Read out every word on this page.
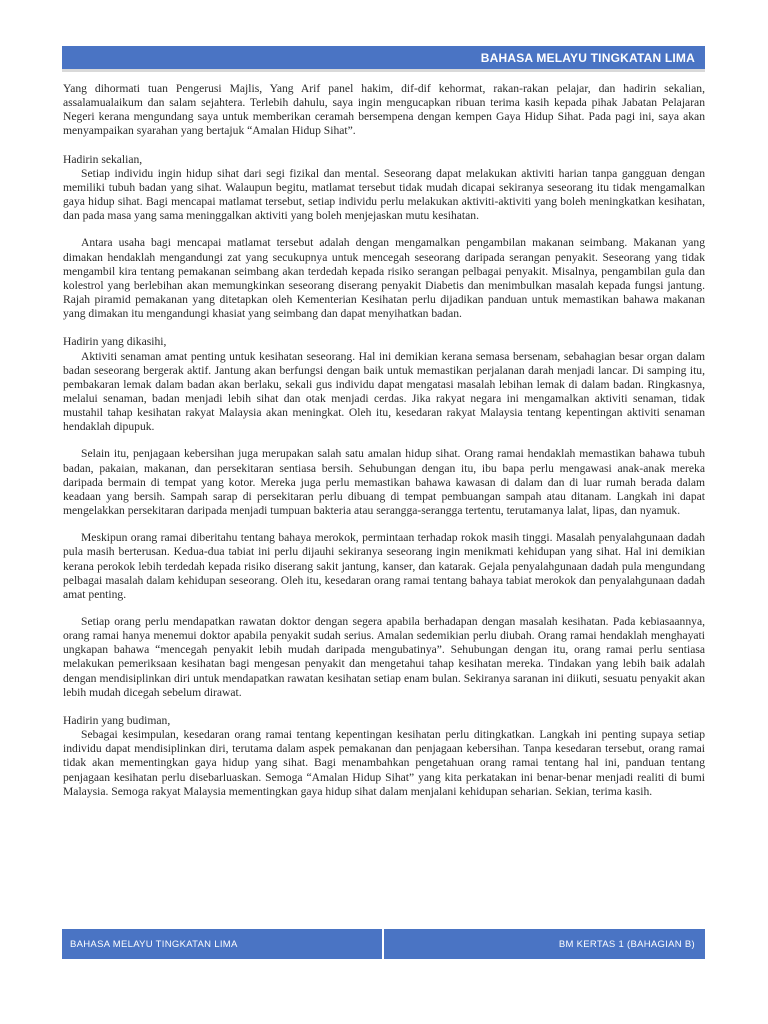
BAHASA MELAYU TINGKATAN LIMA

Yang dihormati tuan Pengerusi Majlis, Yang Arif panel hakim, dif-dif kehormat, rakan-rakan pelajar, dan hadirin sekalian, assalamualaikum dan salam sejahtera. Terlebih dahulu, saya ingin mengucapkan ribuan terima kasih kepada pihak Jabatan Pelajaran Negeri kerana mengundang saya untuk memberikan ceramah bersempena dengan kempen Gaya Hidup Sihat. Pada pagi ini, saya akan menyampaikan syarahan yang bertajuk “Amalan Hidup Sihat”.

Hadirin sekalian,

Setiap individu ingin hidup sihat dari segi fizikal dan mental. Seseorang dapat melakukan aktiviti harian tanpa gangguan dengan memiliki tubuh badan yang sihat. Walaupun begitu, matlamat tersebut tidak mudah dicapai sekiranya seseorang itu tidak mengamalkan gaya hidup sihat. Bagi mencapai matlamat tersebut, setiap individu perlu melakukan aktiviti-aktiviti yang boleh meningkatkan kesihatan, dan pada masa yang sama meninggalkan aktiviti yang boleh menjejaskan mutu kesihatan.

Antara usaha bagi mencapai matlamat tersebut adalah dengan mengamalkan pengambilan makanan seimbang. Makanan yang dimakan hendaklah mengandungi zat yang secukupnya untuk mencegah seseorang daripada serangan penyakit. Seseorang yang tidak mengambil kira tentang pemakanan seimbang akan terdedah kepada risiko serangan pelbagai penyakit. Misalnya, pengambilan gula dan kolestrol yang berlebihan akan memungkinkan seseorang diserang penyakit Diabetis dan menimbulkan masalah kepada fungsi jantung. Rajah piramid pemakanan yang ditetapkan oleh Kementerian Kesihatan perlu dijadikan panduan untuk memastikan bahawa makanan yang dimakan itu mengandungi khasiat yang seimbang dan dapat menyihatkan badan.

Hadirin yang dikasihi,

Aktiviti senaman amat penting untuk kesihatan seseorang. Hal ini demikian kerana semasa bersenam, sebahagian besar organ dalam badan seseorang bergerak aktif. Jantung akan berfungsi dengan baik untuk memastikan perjalanan darah menjadi lancar. Di samping itu, pembakaran lemak dalam badan akan berlaku, sekali gus individu dapat mengatasi masalah lebihan lemak di dalam badan. Ringkasnya, melalui senaman, badan menjadi lebih sihat dan otak menjadi cerdas. Jika rakyat negara ini mengamalkan aktiviti senaman, tidak mustahil tahap kesihatan rakyat Malaysia akan meningkat. Oleh itu, kesedaran rakyat Malaysia tentang kepentingan aktiviti senaman hendaklah dipupuk.

Selain itu, penjagaan kebersihan juga merupakan salah satu amalan hidup sihat. Orang ramai hendaklah memastikan bahawa tubuh badan, pakaian, makanan, dan persekitaran sentiasa bersih. Sehubungan dengan itu, ibu bapa perlu mengawasi anak-anak mereka daripada bermain di tempat yang kotor. Mereka juga perlu memastikan bahawa kawasan di dalam dan di luar rumah berada dalam keadaan yang bersih. Sampah sarap di persekitaran perlu dibuang di tempat pembuangan sampah atau ditanam. Langkah ini dapat mengelakkan persekitaran daripada menjadi tumpuan bakteria atau serangga-serangga tertentu, terutamanya lalat, lipas, dan nyamuk.

Meskipun orang ramai diberitahu tentang bahaya merokok, permintaan terhadap rokok masih tinggi. Masalah penyalahgunaan dadah pula masih berterusan. Kedua-dua tabiat ini perlu dijauhi sekiranya seseorang ingin menikmati kehidupan yang sihat. Hal ini demikian kerana perokok lebih terdedah kepada risiko diserang sakit jantung, kanser, dan katarak. Gejala penyalahgunaan dadah pula mengundang pelbagai masalah dalam kehidupan seseorang. Oleh itu, kesedaran orang ramai tentang bahaya tabiat merokok dan penyalahgunaan dadah amat penting.

Setiap orang perlu mendapatkan rawatan doktor dengan segera apabila berhadapan dengan masalah kesihatan. Pada kebiasaannya, orang ramai hanya menemui doktor apabila penyakit sudah serius. Amalan sedemikian perlu diubah. Orang ramai hendaklah menghayati ungkapan bahawa “mencegah penyakit lebih mudah daripada mengubatinya”. Sehubungan dengan itu, orang ramai perlu sentiasa melakukan pemeriksaan kesihatan bagi mengesan penyakit dan mengetahui tahap kesihatan mereka. Tindakan yang lebih baik adalah dengan mendisiplinkan diri untuk mendapatkan rawatan kesihatan setiap enam bulan. Sekiranya saranan ini diikuti, sesuatu penyakit akan lebih mudah dicegah sebelum dirawat.

Hadirin yang budiman,

Sebagai kesimpulan, kesedaran orang ramai tentang kepentingan kesihatan perlu ditingkatkan. Langkah ini penting supaya setiap individu dapat mendisiplinkan diri, terutama dalam aspek pemakanan dan penjagaan kebersihan. Tanpa kesedaran tersebut, orang ramai tidak akan mementingkan gaya hidup yang sihat. Bagi menambahkan pengetahuan orang ramai tentang hal ini, panduan tentang penjagaan kesihatan perlu disebarluaskan. Semoga “Amalan Hidup Sihat” yang kita perkatakan ini benar-benar menjadi realiti di bumi Malaysia. Semoga rakyat Malaysia mementingkan gaya hidup sihat dalam menjalani kehidupan seharian. Sekian, terima kasih.

BAHASA MELAYU TINGKATAN LIMA	BM KERTAS 1 (BAHAGIAN B)
